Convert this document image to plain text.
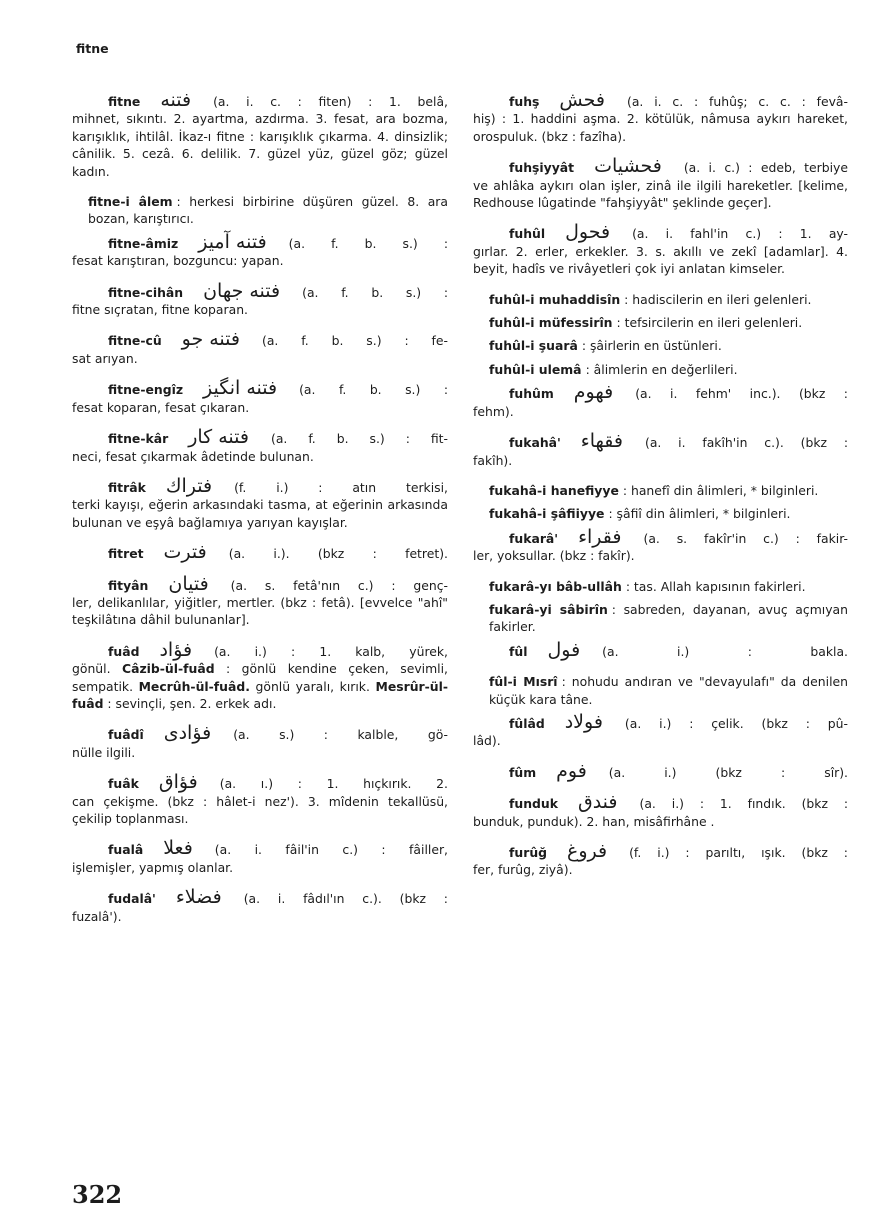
fitne
fitne فتنه (a. i. c. : fiten) : 1. belâ,
mihnet, sıkıntı. 2. ayartma, azdırma. 3. fesat, ara bozma, karışıklık, ihtilâl. İkaz-ı fitne : karışıklık çıkarma. 4. dinsizlik; cânilik. 5. cezâ. 6. delilik. 7. güzel yüz, güzel göz; güzel kadın.
fitne-i âlem : herkesi birbirine düşüren güzel. 8. ara bozan, karıştırıcı.
fitne-âmiz فتنه آمیز (a. f. b. s.) :
fesat karıştıran, bozguncu: yapan.
fitne-cihân فتنه جهان (a. f. b. s.) :
fitne sıçratan, fitne koparan.
fitne-cû فتنه جو (a. f. b. s.) : fe-
sat arıyan.
fitne-engîz فتنه انگیز (a. f. b. s.) :
fesat koparan, fesat çıkaran.
fitne-kâr فتنه کار (a. f. b. s.) : fit-
neci, fesat çıkarmak âdetinde bulunan.
fitrâk فتراك (f. i.) : atın terkisi,
terki kayışı, eğerin arkasındaki tasma, at eğerinin arkasında bulunan ve eşyâ bağlamıya yarıyan kayışlar.
fitret فترت (a. i.). (bkz : fetret).
fityân فتیان (a. s. fetâ'nın c.) : genç-
ler, delikanlılar, yiğitler, mertler. (bkz : fetâ). [evvelce "ahî" teşkilâtına dâhil bulunanlar].
fuâd فؤاد (a. i.) : 1. kalb, yürek,
gönül. Câzib-ül-fuâd : gönlü kendine çeken, sevimli, sempatik. Mecrûh-ül-fuâd. gönlü yaralı, kırık. Mesrûr-ül-fuâd : sevinçli, şen. 2. erkek adı.
fuâdî فؤادی (a. s.) : kalble, gö-
nülle ilgili.
fuâk فؤاق (a. ı.) : 1. hıçkırık. 2.
can çekişme. (bkz : hâlet-i nez'). 3. mîdenin tekallüsü, çekilip toplanması.
fualâ فعلا (a. i. fâil'in c.) : fâiller,
işlemişler, yapmış olanlar.
fudalâ' فضلاء (a. i. fâdıl'ın c.). (bkz :
fuzalâ').
fuhş فحش (a. i. c. : fuhûş; c. c. : fevâ-
hiş) : 1. haddini aşma. 2. kötülük, nâmusa aykırı hareket, orospuluk. (bkz : fazîha).
fuhşiyyât فحشیات (a. i. c.) : edeb, terbiye
ve ahlâka aykırı olan işler, zinâ ile ilgili hareketler. [kelime, Redhouse lûgatinde "fahşiyyât" şeklinde geçer].
fuhûl فحول (a. i. fahl'in c.) : 1. ay-
gırlar. 2. erler, erkekler. 3. s. akıllı ve zekî [adamlar]. 4. beyit, hadîs ve rivâyetleri çok iyi anlatan kimseler.
fuhûl-i muhaddisîn : hadiscilerin en ileri gelenleri.
fuhûl-i müfessirîn : tefsircilerin en ileri gelenleri.
fuhûl-i şuarâ : şâirlerin en üstünleri.
fuhûl-i ulemâ : âlimlerin en değerlileri.
fuhûm فهوم (a. i. fehm' inc.). (bkz :
fehm).
fukahâ' فقهاء (a. i. fakîh'in c.). (bkz :
fakîh).
fukahâ-i hanefiyye : hanefî din âlimleri, * bilginleri.
fukahâ-i şâfiiyye : şâfiî din âlimleri, * bilginleri.
fukarâ' فقراء (a. s. fakîr'in c.) : fakir-
ler, yoksullar. (bkz : fakîr).
fukarâ-yı bâb-ullâh : tas. Allah kapısının fakirleri.
fukarâ-yi sâbirîn : sabreden, dayanan, avuç açmıyan fakirler.
fûl فول (a. i.) : bakla.
fûl-i Mısrî : nohudu andıran ve "devayulafı" da denilen küçük kara tâne.
fûlâd فولاد (a. i.) : çelik. (bkz : pû-
lâd).
fûm فوم (a. i.) (bkz : sîr).
funduk فندق (a. i.) : 1. fındık. (bkz :
bunduk, punduk). 2. han, misâfirhâne .
furûğ فروغ (f. i.) : parıltı, ışık. (bkz :
fer, furûg, ziyâ).
322
